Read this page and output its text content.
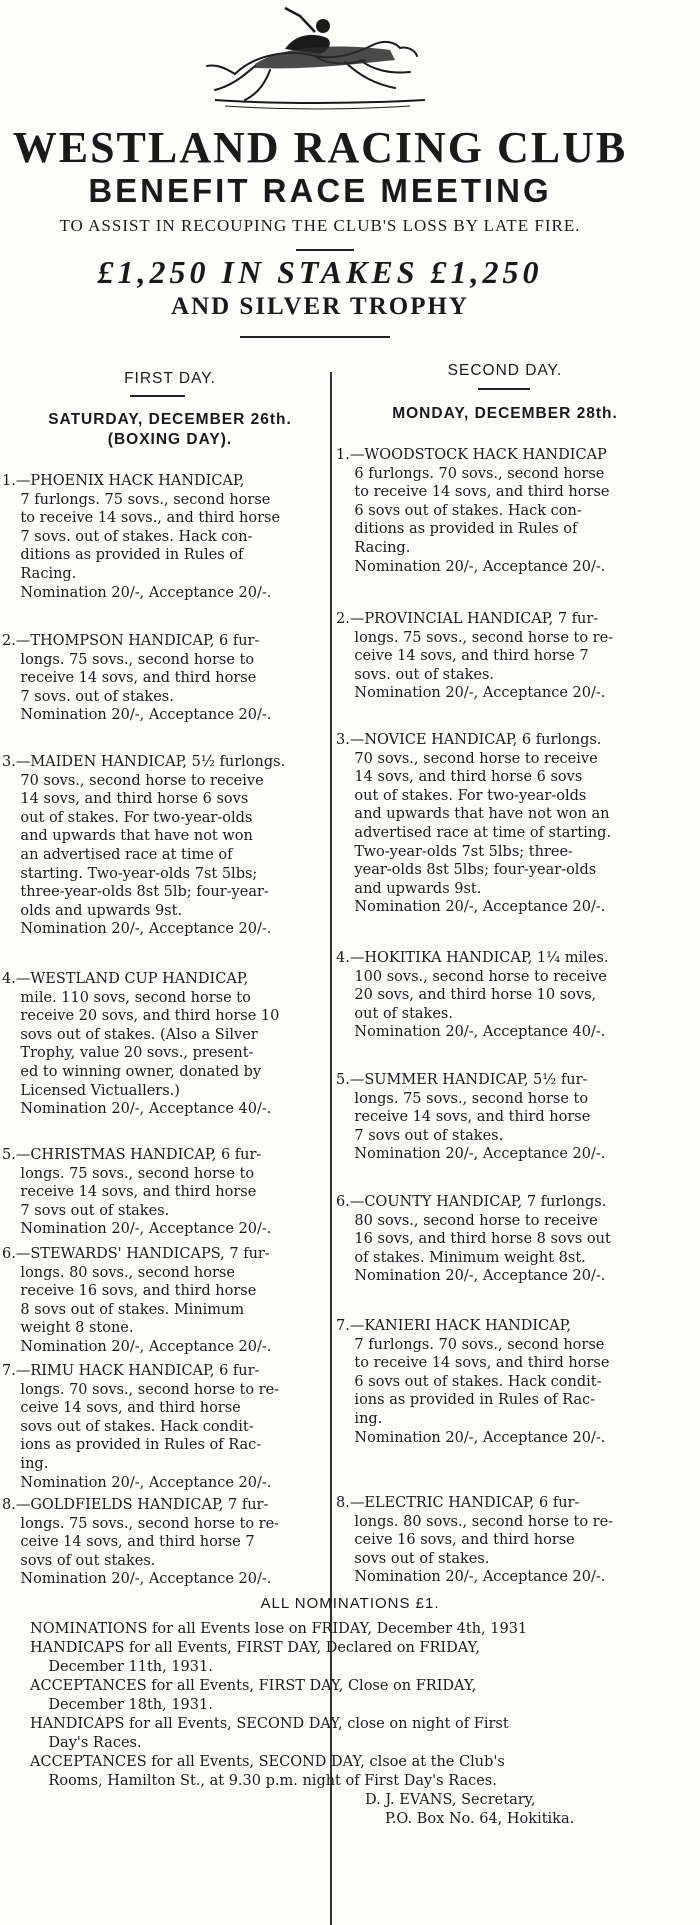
WESTLAND RACING CLUB
BENEFIT RACE MEETING
TO ASSIST IN RECOUPING THE CLUB'S LOSS BY LATE FIRE.
£1,250 IN STAKES £1,250
AND SILVER TROPHY
FIRST DAY.
SATURDAY, DECEMBER 26th.
(BOXING DAY).
1.—PHOENIX HACK HANDICAP,
7 furlongs. 75 sovs., second horse
to receive 14 sovs., and third horse
7 sovs. out of stakes. Hack con-
ditions as provided in Rules of
Racing.
Nomination 20/-, Acceptance 20/-.
2.—THOMPSON HANDICAP, 6 fur-
longs. 75 sovs., second horse to
receive 14 sovs, and third horse
7 sovs. out of stakes.
Nomination 20/-, Acceptance 20/-.
3.—MAIDEN HANDICAP, 5½ furlongs.
70 sovs., second horse to receive
14 sovs, and third horse 6 sovs
out of stakes. For two-year-olds
and upwards that have not won
an advertised race at time of
starting. Two-year-olds 7st 5lbs;
three-year-olds 8st 5lb; four-year-
olds and upwards 9st.
Nomination 20/-, Acceptance 20/-.
4.—WESTLAND CUP HANDICAP,
mile. 110 sovs, second horse to
receive 20 sovs, and third horse 10
sovs out of stakes. (Also a Silver
Trophy, value 20 sovs., present-
ed to winning owner, donated by
Licensed Victuallers.)
Nomination 20/-, Acceptance 40/-.
5.—CHRISTMAS HANDICAP, 6 fur-
longs. 75 sovs., second horse to
receive 14 sovs, and third horse
7 sovs out of stakes.
Nomination 20/-, Acceptance 20/-.
6.—STEWARDS' HANDICAPS, 7 fur-
longs. 80 sovs., second horse
receive 16 sovs, and third horse
8 sovs out of stakes. Minimum
weight 8 stone.
Nomination 20/-, Acceptance 20/-.
7.—RIMU HACK HANDICAP, 6 fur-
longs. 70 sovs., second horse to re-
ceive 14 sovs, and third horse
sovs out of stakes. Hack condit-
ions as provided in Rules of Rac-
ing.
Nomination 20/-, Acceptance 20/-.
8.—GOLDFIELDS HANDICAP, 7 fur-
longs. 75 sovs., second horse to re-
ceive 14 sovs, and third horse 7
sovs of out stakes.
Nomination 20/-, Acceptance 20/-.
SECOND DAY.
MONDAY, DECEMBER 28th.
1.—WOODSTOCK HACK HANDICAP
6 furlongs. 70 sovs., second horse
to receive 14 sovs, and third horse
6 sovs out of stakes. Hack con-
ditions as provided in Rules of
Racing.
Nomination 20/-, Acceptance 20/-.
2.—PROVINCIAL HANDICAP, 7 fur-
longs. 75 sovs., second horse to re-
ceive 14 sovs, and third horse 7
sovs. out of stakes.
Nomination 20/-, Acceptance 20/-.
3.—NOVICE HANDICAP, 6 furlongs.
70 sovs., second horse to receive
14 sovs, and third horse 6 sovs
out of stakes. For two-year-olds
and upwards that have not won an
advertised race at time of starting.
Two-year-olds 7st 5lbs; three-
year-olds 8st 5lbs; four-year-olds
and upwards 9st.
Nomination 20/-, Acceptance 20/-.
4.—HOKITIKA HANDICAP, 1¼ miles.
100 sovs., second horse to receive
20 sovs, and third horse 10 sovs,
out of stakes.
Nomination 20/-, Acceptance 40/-.
5.—SUMMER HANDICAP, 5½ fur-
longs. 75 sovs., second horse to
receive 14 sovs, and third horse
7 sovs out of stakes.
Nomination 20/-, Acceptance 20/-.
6.—COUNTY HANDICAP, 7 furlongs.
80 sovs., second horse to receive
16 sovs, and third horse 8 sovs out
of stakes. Minimum weight 8st.
Nomination 20/-, Acceptance 20/-.
7.—KANIERI HACK HANDICAP,
7 furlongs. 70 sovs., second horse
to receive 14 sovs, and third horse
6 sovs out of stakes. Hack condit-
ions as provided in Rules of Rac-
ing.
Nomination 20/-, Acceptance 20/-.
8.—ELECTRIC HANDICAP, 6 fur-
longs. 80 sovs., second horse to re-
ceive 16 sovs, and third horse
sovs out of stakes.
Nomination 20/-, Acceptance 20/-.
ALL NOMINATIONS £1.
NOMINATIONS for all Events lose on FRIDAY, December 4th, 1931
HANDICAPS for all Events, FIRST DAY, Declared on FRIDAY,
December 11th, 1931.
ACCEPTANCES for all Events, FIRST DAY, Close on FRIDAY,
December 18th, 1931.
HANDICAPS for all Events, SECOND DAY, close on night of First
Day's Races.
ACCEPTANCES for all Events, SECOND DAY, clsoe at the Club's
Rooms, Hamilton St., at 9.30 p.m. night of First Day's Races.
D. J. EVANS, Secretary,
P.O. Box No. 64, Hokitika.
